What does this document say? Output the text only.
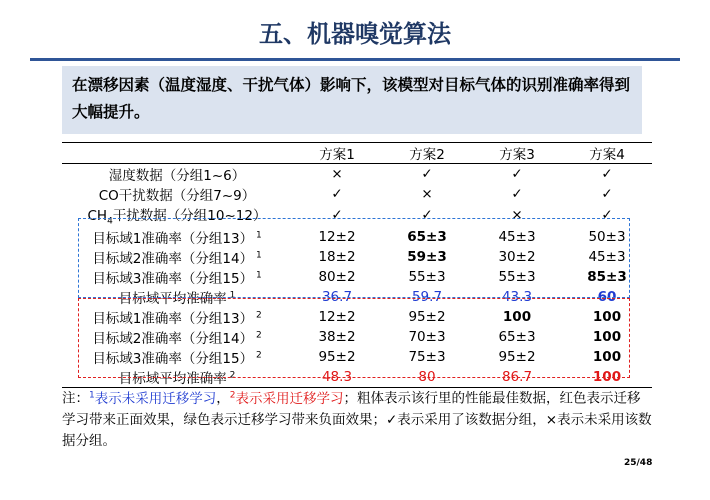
五、机器嗅觉算法
在漂移因素（温度湿度、干扰气体）影响下，该模型对目标气体的识别准确率得到大幅提升。
	方案1	方案2	方案3	方案4
湿度数据（分组1~6）	×	✓	✓	✓
CO干扰数据（分组7~9）	✓	×	✓	✓
$CH_4$干扰数据（分组10~12）	✓	✓	×	✓
目标域1准确率（分组13） $^1$	12±2	65±3	45±3	50±3
目标域2准确率（分组14） $^1$	18±2	59±3	30±2	45±3
目标域3准确率（分组15） $^1$	80±2	55±3	55±3	85±3
目标域平均准确率 $^1$	36.7	59.7	43.3	60
目标域1准确率（分组13） $^2$	12±2	95±2	100	100
目标域2准确率（分组14） $^2$	38±2	70±3	65±3	100
目标域3准确率（分组15） $^2$	95±2	75±3	95±2	100
目标域平均准确率 $^2$	48.3	80	86.7	100
注：$^1$表示未采用迁移学习，$^2$表示采用迁移学习；粗体表示该行里的性能最佳数据，红色表示迁移学习带来正面效果，绿色表示迁移学习带来负面效果；✓表示采用了该数据分组，×表示未采用该数据分组。
25/48
